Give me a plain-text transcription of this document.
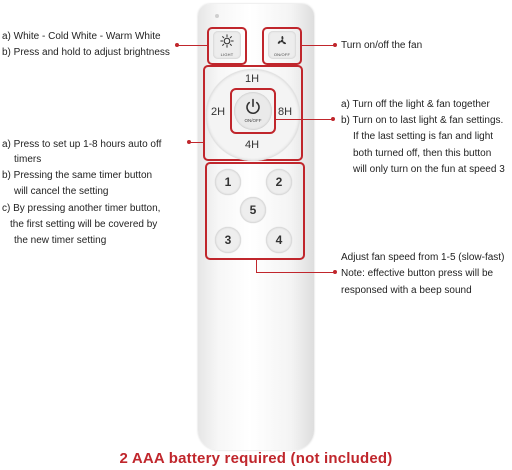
LIGHT	ON/OFF
1H
2H	8H
4H
ON/OFF
1	2
5
3	4
a) White - Cold White - Warm White
b) Press and hold to adjust brightness
a) Press to set up 1-8 hours auto off
timers
b) Pressing the same timer button
will cancel the setting
c) By pressing another timer button,
the first setting will be covered by
the new timer setting
Turn on/off the fan
a) Turn off the light & fan together
b) Turn on to last light & fan settings.
If the last setting is fan and light
both turned off, then this button
will only turn on the fun at speed 3
Adjust fan speed from 1-5 (slow-fast)
Note: effective button press will be
responsed with a beep sound
2 AAA battery required (not included)
